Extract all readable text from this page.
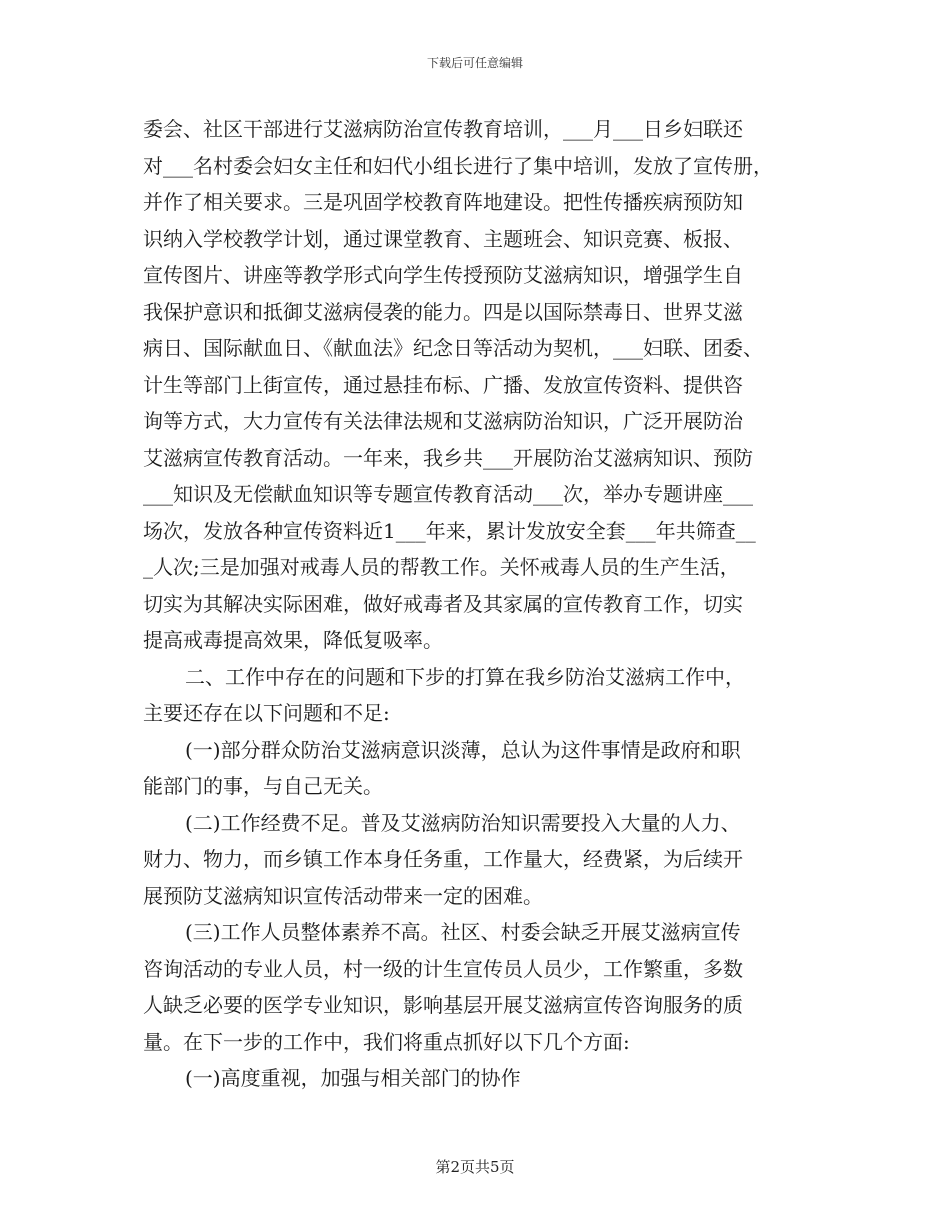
下载后可任意编辑
委会、社区干部进行艾滋病防治宣传教育培训，___月___日乡妇联还
对___名村委会妇女主任和妇代小组长进行了集中培训，发放了宣传册，
并作了相关要求。三是巩固学校教育阵地建设。把性传播疾病预防知
识纳入学校教学计划，通过课堂教育、主题班会、知识竞赛、板报、
宣传图片、讲座等教学形式向学生传授预防艾滋病知识，增强学生自
我保护意识和抵御艾滋病侵袭的能力。四是以国际禁毒日、世界艾滋
病日、国际献血日、《献血法》纪念日等活动为契机，___妇联、团委、
计生等部门上街宣传，通过悬挂布标、广播、发放宣传资料、提供咨
询等方式，大力宣传有关法律法规和艾滋病防治知识，广泛开展防治
艾滋病宣传教育活动。一年来，我乡共___开展防治艾滋病知识、预防
___知识及无偿献血知识等专题宣传教育活动___次，举办专题讲座___
场次，发放各种宣传资料近1___年来，累计发放安全套___年共筛查__
_人次;三是加强对戒毒人员的帮教工作。关怀戒毒人员的生产生活，
切实为其解决实际困难，做好戒毒者及其家属的宣传教育工作，切实
提高戒毒提高效果，降低复吸率。
二、工作中存在的问题和下步的打算在我乡防治艾滋病工作中，
主要还存在以下问题和不足:
(一)部分群众防治艾滋病意识淡薄，总认为这件事情是政府和职
能部门的事，与自己无关。
(二)工作经费不足。普及艾滋病防治知识需要投入大量的人力、
财力、物力，而乡镇工作本身任务重，工作量大，经费紧，为后续开
展预防艾滋病知识宣传活动带来一定的困难。
(三)工作人员整体素养不高。社区、村委会缺乏开展艾滋病宣传
咨询活动的专业人员，村一级的计生宣传员人员少，工作繁重，多数
人缺乏必要的医学专业知识，影响基层开展艾滋病宣传咨询服务的质
量。在下一步的工作中，我们将重点抓好以下几个方面:
(一)高度重视，加强与相关部门的协作
第2页共5页
